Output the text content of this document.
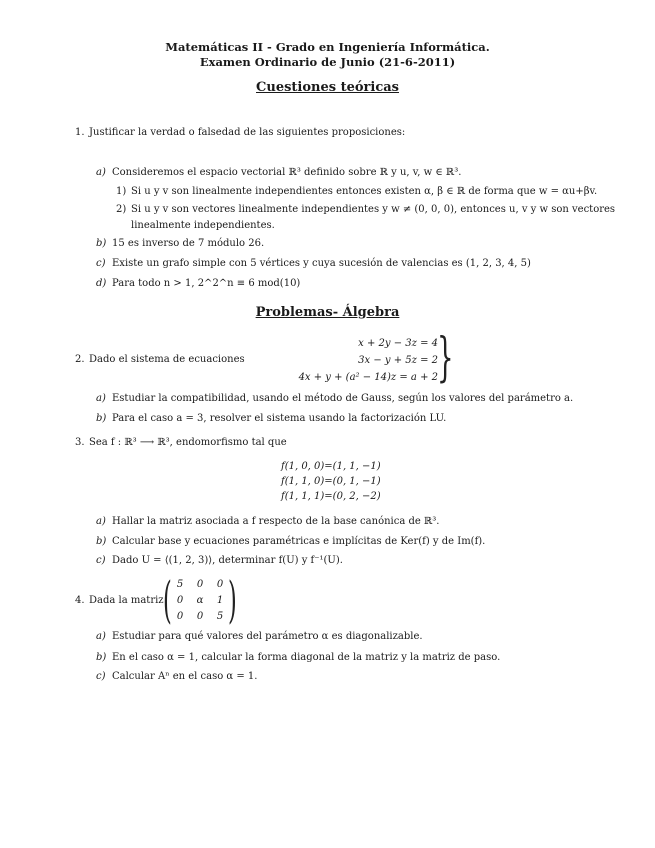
Matemáticas II - Grado en Ingeniería Informática.
Examen Ordinario de Junio (21-6-2011)
Cuestiones teóricas
1. Justificar la verdad o falsedad de las siguientes proposiciones:
a) Consideremos el espacio vectorial ℝ³ definido sobre ℝ y u, v, w ∈ ℝ³.
1) Si u y v son linealmente independientes entonces existen α, β ∈ ℝ de forma que w = αu+βv.
2) Si u y v son vectores linealmente independientes y w ≠ (0, 0, 0), entonces u, v y w son vectores
linealmente independientes.
b) 15 es inverso de 7 módulo 26.
c) Existe un grafo simple con 5 vértices y cuya sucesión de valencias es (1, 2, 3, 4, 5)
d) Para todo n > 1, 2^2^n ≡ 6 mod(10)
Problemas- Álgebra
2. Dado el sistema de ecuaciones
x + 2y − 3z = 4
3x − y + 5z = 2
4x + y + (a² − 14)z = a + 2 }
a) Estudiar la compatibilidad, usando el método de Gauss, según los valores del parámetro a.
b) Para el caso a = 3, resolver el sistema usando la factorización LU.
3. Sea f : ℝ³ ⟶ ℝ³, endomorfismo tal que
f(1, 0, 0)=(1, 1, −1)
f(1, 1, 0)=(0, 1, −1)
f(1, 1, 1)=(0, 2, −2)
a) Hallar la matriz asociada a f respecto de la base canónica de ℝ³.
b) Calcular base y ecuaciones paramétricas e implícitas de Ker(f) y de Im(f).
c) Dado U = ⟨(1, 2, 3)⟩, determinar f(U) y f⁻¹(U).
4. Dada la matriz ( 5 0 0
0 α 1
0 0 5 )
a) Estudiar para qué valores del parámetro α es diagonalizable.
b) En el caso α = 1, calcular la forma diagonal de la matriz y la matriz de paso.
c) Calcular Aⁿ en el caso α = 1.
